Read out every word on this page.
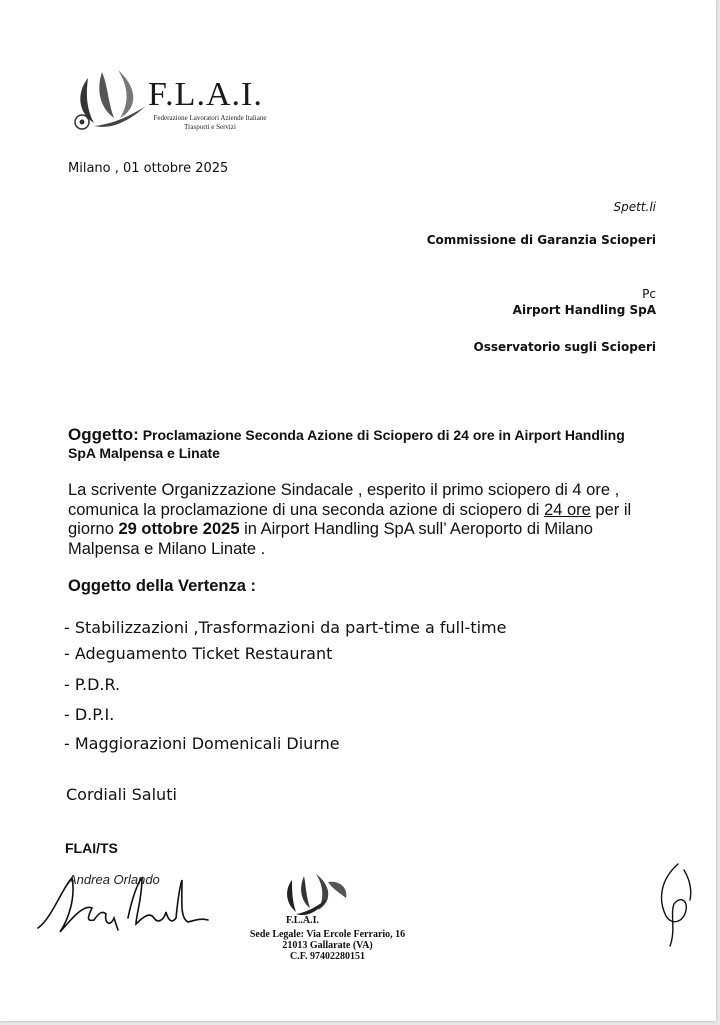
F.L.A.I.
Federazione Lavoratori Aziende Italiane
Trasporti e Servizi
Milano , 01 ottobre 2025
Spett.li
Commissione di Garanzia Scioperi
Pc
Airport Handling SpA
Osservatorio sugli Scioperi
Oggetto: Proclamazione Seconda Azione di Sciopero di 24 ore in Airport Handling SpA Malpensa e Linate
La scrivente Organizzazione Sindacale , esperito il primo sciopero di 4 ore , comunica la proclamazione di una seconda azione di sciopero di 24 ore per il giorno 29 ottobre 2025 in Airport Handling SpA sull’ Aeroporto di Milano Malpensa e Milano Linate .
Oggetto della Vertenza :
- Stabilizzazioni ,Trasformazioni da part-time a full-time
- Adeguamento Ticket Restaurant
- P.D.R.
- D.P.I.
- Maggiorazioni Domenicali Diurne
Cordiali Saluti
FLAI/TS
Andrea Orlando
F.L.A.I.
Sede Legale: Via Ercole Ferrario, 16
21013 Gallarate (VA)
C.F. 97402280151
